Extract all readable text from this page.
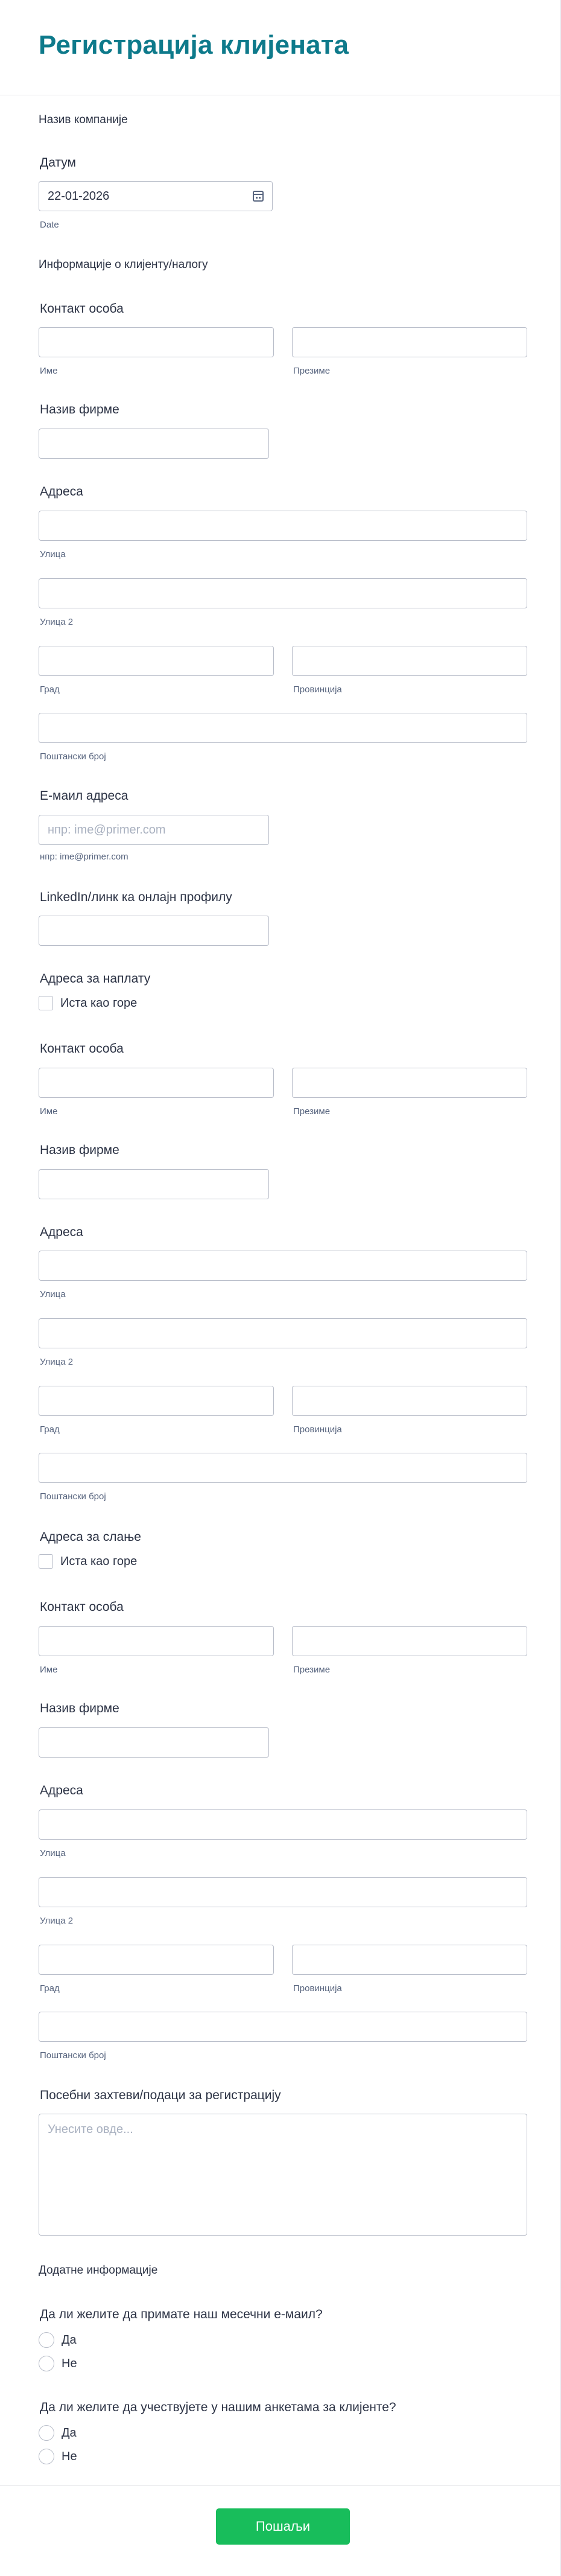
Регистрација клијената
Назив компаније
Датум
22-01-2026
Date
Информације о клијенту/налогу
Контакт особа
Име	Презиме
Назив фирме
Адреса
Улица
Улица 2
Град	Провинција
Поштански број
Е-маил адреса
нпр: ime@primer.com
нпр: ime@primer.com
LinkedIn/линк ка онлајн профилу
Адреса за наплату
Иста као горе
Контакт особа
Име	Презиме
Назив фирме
Адреса
Улица
Улица 2
Град	Провинција
Поштански број
Адреса за слање
Иста као горе
Контакт особа
Име	Презиме
Назив фирме
Адреса
Улица
Улица 2
Град	Провинција
Поштански број
Посебни захтеви/подаци за регистрацију
Унесите овде...
Додатне информације
Да ли желите да примате наш месечни е-маил?
Да
Не
Да ли желите да учествујете у нашим анкетама за клијенте?
Да
Не
Пошаљи
